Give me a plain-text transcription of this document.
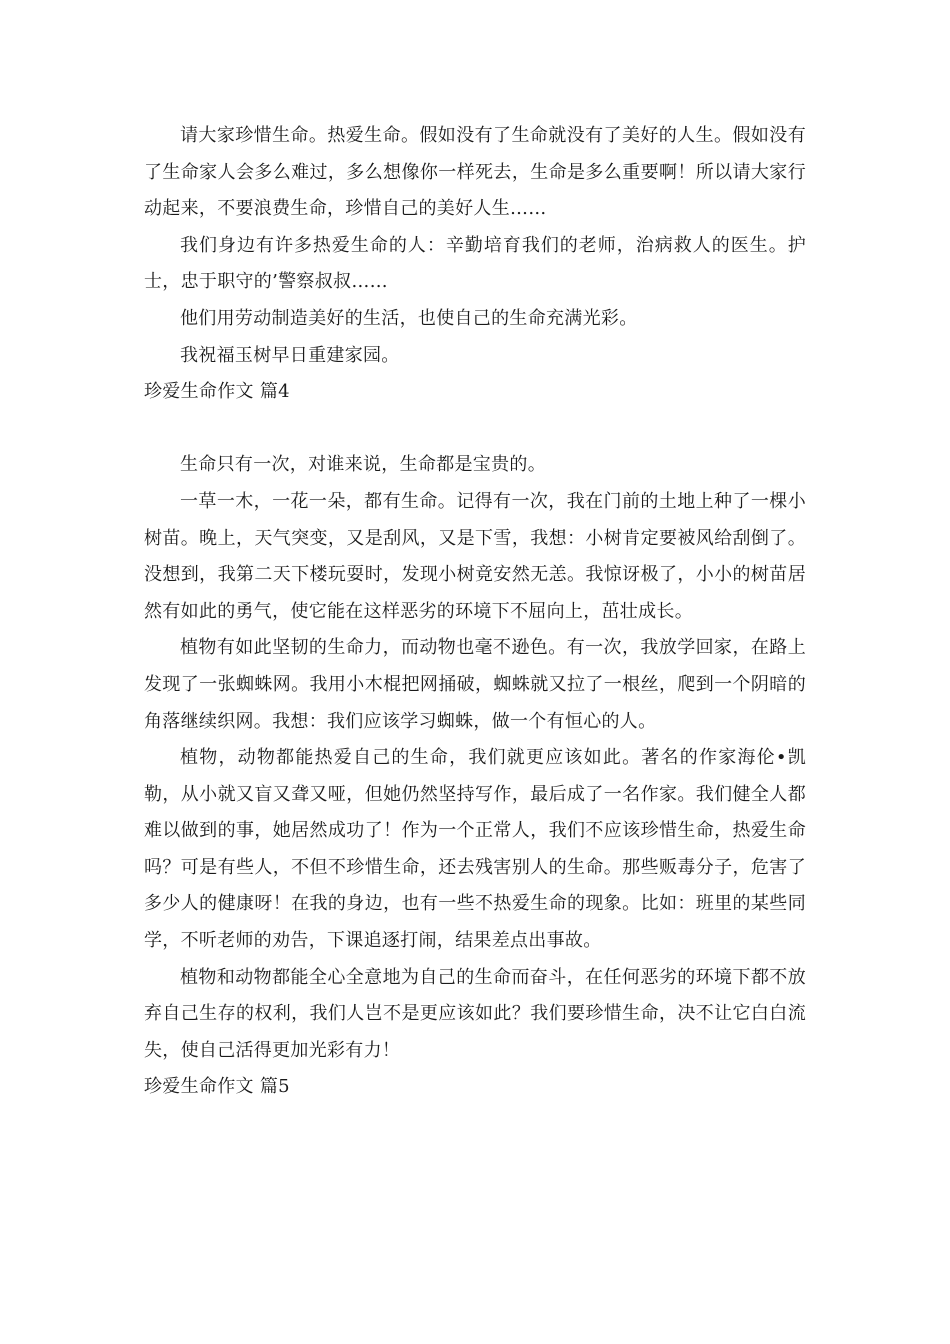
请大家珍惜生命。热爱生命。假如没有了生命就没有了美好的人生。假如没有了生命家人会多么难过，多么想像你一样死去，生命是多么重要啊！所以请大家行动起来，不要浪费生命，珍惜自己的美好人生……

我们身边有许多热爱生命的人：辛勤培育我们的老师，治病救人的医生。护士，忠于职守的’警察叔叔……

他们用劳动制造美好的生活，也使自己的生命充满光彩。

我祝福玉树早日重建家园。

珍爱生命作文 篇4

生命只有一次，对谁来说，生命都是宝贵的。

一草一木，一花一朵，都有生命。记得有一次，我在门前的土地上种了一棵小树苗。晚上，天气突变，又是刮风，又是下雪，我想：小树肯定要被风给刮倒了。没想到，我第二天下楼玩耍时，发现小树竟安然无恙。我惊讶极了，小小的树苗居然有如此的勇气，使它能在这样恶劣的环境下不屈向上，茁壮成长。

植物有如此坚韧的生命力，而动物也毫不逊色。有一次，我放学回家，在路上发现了一张蜘蛛网。我用小木棍把网捅破，蜘蛛就又拉了一根丝，爬到一个阴暗的角落继续织网。我想：我们应该学习蜘蛛，做一个有恒心的人。

植物，动物都能热爱自己的生命，我们就更应该如此。著名的作家海伦•凯勒，从小就又盲又聋又哑，但她仍然坚持写作，最后成了一名作家。我们健全人都难以做到的事，她居然成功了！作为一个正常人，我们不应该珍惜生命，热爱生命吗？可是有些人，不但不珍惜生命，还去残害别人的生命。那些贩毒分子，危害了多少人的健康呀！在我的身边，也有一些不热爱生命的现象。比如：班里的某些同学，不听老师的劝告，下课追逐打闹，结果差点出事故。

植物和动物都能全心全意地为自己的生命而奋斗，在任何恶劣的环境下都不放弃自己生存的权利，我们人岂不是更应该如此？我们要珍惜生命，决不让它白白流失，使自己活得更加光彩有力！

珍爱生命作文 篇5
